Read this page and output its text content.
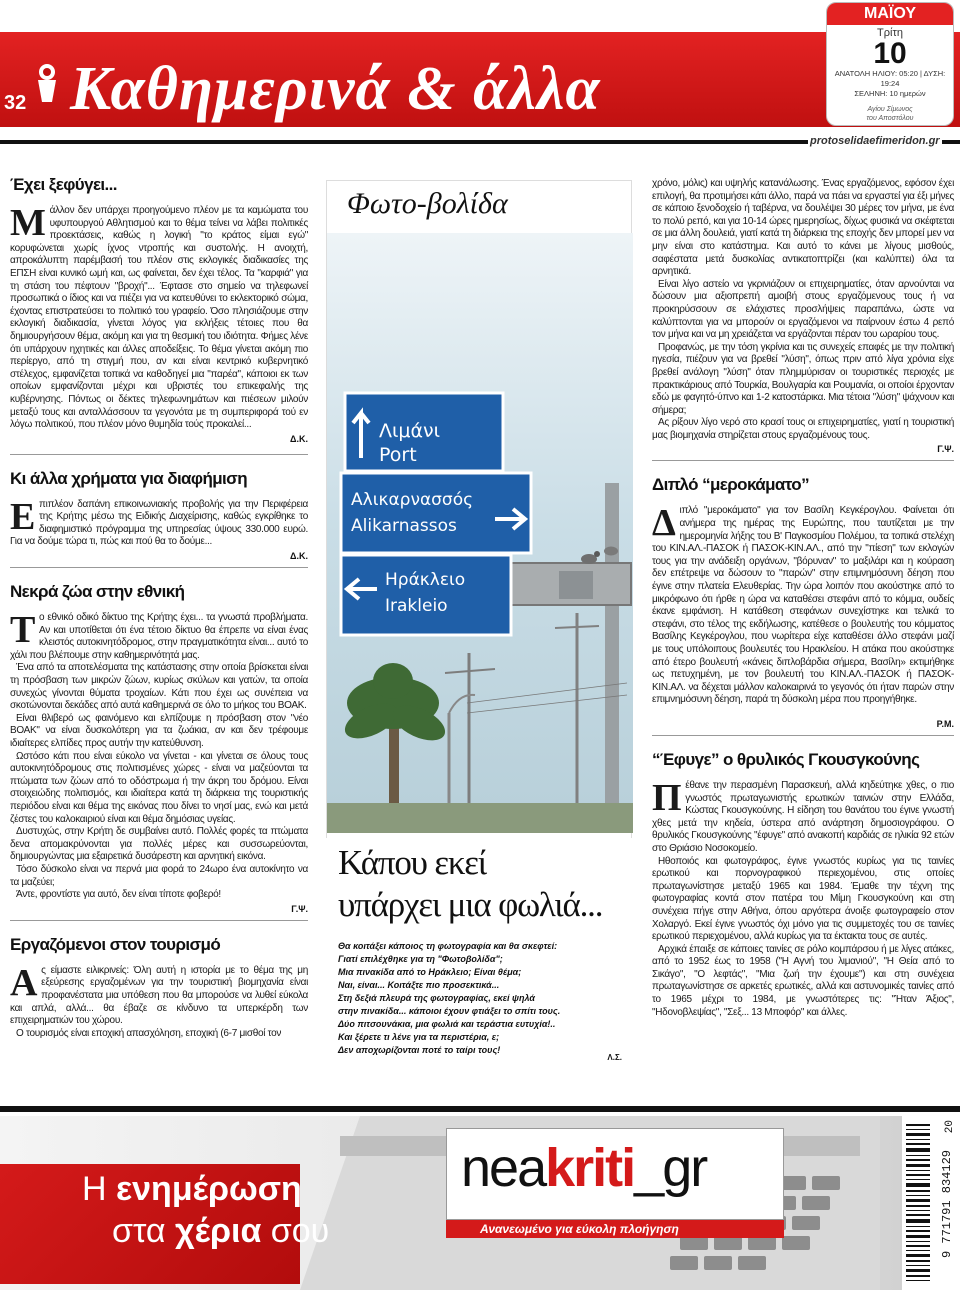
32 Καθημερινά & άλλα
ΜΑΪΟΥ
Τρίτη
10
ΑΝΑΤΟΛΗ ΗΛΙΟΥ: 05:20 | ΔΥΣΗ: 19:24
ΣΕΛΗΝΗ: 10 ημερών
Αγίου Σίμωνος
του Αποστόλου
protoselidaefimeridon.gr
Έχει ξεφύγει...
Μ άλλον δεν υπάρχει προηγούμενο πλέον με τα καμώματα του υφυπουργού Αθλητισμού και το θέμα τείνει να λάβει πολιτικές προεκτάσεις, καθώς η λογική "το κράτος είμαι εγώ" κορυφώνεται χωρίς ίχνος ντροπής και συστολής. Η ανοιχτή, απροκάλυπτη παρέμβασή του πλέον στις εκλογικές διαδικασίες της ΕΠΣΗ είναι κυνικό ωμή και, ως φαίνεται, δεν έχει τέλος. Τα "καρφιά" για τη στάση του πέφτουν "βροχή"... Έφτασε στο σημείο να τηλεφωνεί προσωπικά ο ίδιος και να πιέζει για να κατευθύνει το εκλεκτορικό σώμα, έχοντας επιστρατεύσει το πολιτικό του γραφείο. Όσο πλησιάζουμε στην εκλογική διαδικασία, γίνεται λόγος για εκλήξεις τέτοιες που θα δημιουργήσουν θέμα, ακόμη και για τη θεσμική του ιδιότητα. Φήμες λένε ότι υπάρχουν ηχητικές και άλλες αποδείξεις. Το θέμα γίνεται ακόμη πιο περίεργο, από τη στιγμή που, αν και είναι κεντρικό κυβερνητικό στέλεχος, εμφανίζεται τοπικά να καθοδηγεί μια "παρέα", κάποιοι εκ των οποίων εμφανίζονται μέχρι και υβριστές του επικεφαλής της κυβέρνησης. Πόντως οι δέκτες τηλεφωνημάτων και πιέσεων μιλούν μεταξύ τους και ανταλλάσσουν τα γεγονότα με τη συμπεριφορά τού εν λόγω πολιτικού, που πλέον μόνο θυμηδία τούς προκαλεί...
Δ.Κ.
Κι άλλα χρήματα για διαφήμιση
Ε πιπλέον δαπάνη επικοινωνιακής προβολής για την Περιφέρεια της Κρήτης μέσω της Ειδικής Διαχείρισης, καθώς εγκρίθηκε το διαφημιστικό πρόγραμμα της υπηρεσίας ύψους 330.000 ευρώ. Για να δούμε τώρα τι, πώς και πού θα το δούμε...
Δ.Κ.
Νεκρά ζώα στην εθνική
Τ ο εθνικό οδικό δίκτυο της Κρήτης έχει... τα γνωστά προβλήματα. Αν και υποτίθεται ότι ένα τέτοιο δίκτυο θα έπρεπε να είναι ένας κλειστός αυτοκινητόδρομος, στην πραγματικότητα είναι... αυτό το χάλι που βλέπουμε στην καθημερινότητά μας.

Ένα από τα αποτελέσματα της κατάστασης στην οποία βρίσκεται είναι τη πρόσβαση των μικρών ζώων, κυρίως σκύλων και γατών, τα οποία συνεχώς γίνονται θύματα τροχαίων. Κάτι που έχει ως συνέπεια να σκοτώνονται δεκάδες από αυτά καθημερινά σε όλο το μήκος του ΒΟΑΚ.

Είναι θλιβερό ως φαινόμενο και ελπίζουμε η πρόσβαση στον "νέο ΒΟΑΚ" να είναι δυσκολότερη για τα ζωάκια, αν και δεν τρέφουμε ιδιαίτερες ελπίδες προς αυτήν την κατεύθυνση.

Ωστόσο κάτι που είναι εύκολο να γίνεται - και γίνεται σε όλους τους αυτοκινητόδρομους στις πολιτισμένες χώρες - είναι να μαζεύονται τα πτώματα των ζώων από το οδόστρωμα ή την άκρη του δρόμου. Είναι στοιχειώδης πολιτισμός, και ιδιαίτερα κατά τη διάρκεια της τουριστικής περιόδου είναι και θέμα της εικόνας που δίνει το νησί μας, ενώ και μετά ζέστες του καλοκαιριού είναι και θέμα δημόσιας υγείας.

Δυστυχώς, στην Κρήτη δε συμβαίνει αυτό. Πολλές φορές τα πτώματα δενα απομακρύνονται για πολλές μέρες και συσσωρεύονται, δημιουργώντας μια εξαιρετικά δυσάρεστη και αρνητική εικόνα.

Τόσο δύσκολο είναι να περνά μια φορά το 24ωρο ένα αυτοκίνητο να τα μαζεύει;

Άντε, φροντίστε για αυτό, δεν είναι τίποτε φοβερό!

Γ.Ψ.
Εργαζόμενοι στον τουρισμό
Α ς είμαστε ειλικρινείς: Όλη αυτή η ιστορία με το θέμα της μη εξεύρεσης εργαζομένων για την τουριστική βιομηχανία είναι προφανέστατα μια υπόθεση που θα μπορούσε να λυθεί εύκολα και απλά, αλλά... θα έβαζε σε κίνδυνο τα υπερκέρδη των επιχειρηματιών του χώρου.

Ο τουρισμός είναι εποχική απασχόληση, εποχική (6-7 μισθοί τον

Φωτο-βολίδα
Λιμάνι
Port
Αλικαρνασσός
Alikarnassos
Ηράκλειο
Irakleio
Κάπου εκεί
υπάρχει μια φωλιά...
Θα κοιτάξει κάποιος τη φωτογραφία και θα σκεφτεί:
Γιατί επιλέχθηκε για τη "Φωτοβολίδα";
Μια πινακίδα από το Ηράκλειο; Είναι θέμα;
Ναι, είναι... Κοιτάξτε πιο προσεκτικά...
Στη δεξιά πλευρά της φωτογραφίας, εκεί ψηλά
στην πινακίδα... κάποιοι έχουν φτιάξει το σπίτι τους.
Δύο πιτσουνάκια, μια φωλιά και τεράστια ευτυχία!..
Και ξέρετε τι λένε για τα περιστέρια, ε;
Δεν αποχωρίζονται ποτέ το ταίρι τους!
Λ.Σ.

χρόνο, μόλις) και υψηλής κατανάλωσης. Ένας εργαζόμενος, εφόσον έχει επιλογή, θα προτιμήσει κάτι άλλο, παρά να πάει να εργαστεί για έξι μήνες σε κάποιο ξενοδοχείο ή ταβέρνα, να δουλέψει 30 μέρες τον μήνα, με ένα το πολύ ρεπό, και για 10-14 ώρες ημερησίως, δίχως φυσικά να σκέφτεται σε μια άλλη δουλειά, γιατί κατά τη διάρκεια της εποχής δεν μπορεί μεν να μην είναι στο κατάστημα. Και αυτό το κάνει με λίγους μισθούς, σαφέστατα μετά δυσκολίας αντικατοπτρίζει (και καλύπτει) όλα τα αρνητικά.

Είναι λίγο αστείο να γκρινιάζουν οι επιχειρηματίες, όταν αρνούνται να δώσουν μια αξιοπρεπή αμοιβή στους εργαζόμενους τους ή να προκηρύσσουν σε ελάχιστες προσλήψεις παραπάνω, ώστε να καλύπτονται για να μπορούν οι εργαζόμενοι να παίρνουν έστω 4 ρεπό τον μήνα και να μη χρειάζεται να εργάζονται πέραν του ωραρίου τους.

Προφανώς, με την τόση γκρίνια και τις συνεχείς επαφές με την πολιτική ηγεσία, πιέζουν για να βρεθεί "λύση", όπως πριν από λίγα χρόνια είχε βρεθεί ανάλογη "λύση" όταν πλημμύρισαν οι τουριστικές περιοχές με πρακτικάριους από Τουρκία, Βουλγαρία και Ρουμανία, οι οποίοι έρχονταν εδώ με φαγητό-ύπνο και 1-2 κατοστάρικα. Μια τέτοια "λύση" ψάχνουν και σήμερα;

Ας ρίξουν λίγο νερό στο κρασί τους οι επιχειρηματίες, γιατί η τουριστική μας βιομηχανία στηρίζεται στους εργαζομένους τους.

Γ.Ψ.
Διπλό “μεροκάματο”
Δ ιπλό "μεροκάματο" για τον Βασίλη Κεγκέρογλου. Φαίνεται ότι ανήμερα της ημέρας της Ευρώπης, που ταυτίζεται με την ημερομηνία λήξης του Β' Παγκοσμίου Πολέμου, τα τοπικά στελέχη του ΚΙΝ.ΑΛ.-ΠΑΣΟΚ ή ΠΑΣΟΚ-ΚΙΝ.ΑΛ., από την "πίεση" των εκλογών τους για την ανάδειξη οργάνων, "βόρυναν" το μαξιλάρι και η κούραση δεν επέτρεψε να δώσουν το "παρών" στην επιμνημόσυνη δέηση που έγινε στην πλατεία Ελευθερίας. Την ώρα λοιπόν που ακούστηκε από το μικρόφωνο ότι ήρθε η ώρα να καταθέσει στεφάνι από το κόμμα, ουδείς έκανε εμφάνιση. Η κατάθεση στεφάνων συνεχίστηκε και τελικά το στεφάνι, στο τέλος της εκδήλωσης, κατέθεσε ο βουλευτής του κόμματος Βασίλης Κεγκέρογλου, που νωρίτερα είχε καταθέσει άλλο στεφάνι μαζί με τους υπόλοιπους βουλευτές του Ηρακλείου. Η ατάκα που ακούστηκε από έτερο βουλευτή «κάνεις διπλοβάρδια σήμερα, Βασίλη» εκτιμήθηκε ως πετυχημένη, με τον βουλευτή του ΚΙΝ.ΑΛ.-ΠΑΣΟΚ ή ΠΑΣΟΚ-ΚΙΝ.ΑΛ. να δέχεται μάλλον καλοκαιρινά το γεγονός ότι ήταν παρών στην επιμνημόσυνη δέηση, παρά τη δύσκολη μέρα που προηγήθηκε.
Ρ.Μ.
“Έφυγε” ο θρυλικός Γκουσγκούνης
Π έθανε την περασμένη Παρασκευή, αλλά κηδεύτηκε χθες, ο πιο γνωστός πρωταγωνιστής ερωτικών ταινιών στην Ελλάδα, Κώστας Γκουσγκούνης. Η είδηση του θανάτου του έγινε γνωστή χθες μετά την κηδεία, ύστερα από ανάρτηση δημοσιογράφου. Ο θρυλικός Γκουσγκούνης "έφυγε" από ανακοπή καρδιάς σε ηλικία 92 ετών στο Θριάσιο Νοσοκομείο.

Ηθοποιός και φωτογράφος, έγινε γνωστός κυρίως για τις ταινίες ερωτικού και πορνογραφικού περιεχομένου, στις οποίες πρωταγωνίστησε μεταξύ 1965 και 1984. Έμαθε την τέχνη της φωτογραφίας κοντά στον πατέρα του Μίμη Γκουσγκούνη και στη συνέχεια πήγε στην Αθήνα, όπου αργότερα άνοιξε φωτογραφείο στον Χολαργό. Εκεί έγινε γνωστός όχι μόνο για τις συμμετοχές του σε ταινίες ερωτικού περιεχομένου, αλλά κυρίως για τα έκτακτα τους σε αυτές.

Αρχικά έπαιξε σε κάποιες ταινίες σε ρόλο κομπάρσου ή με λίγες ατάκες, από το 1952 έως το 1958 ("Η Αγνή του λιμανιού", "Η Θεία από το Σικάγο", "Ο λεφτάς", "Μια ζωή την έχουμε") και στη συνέχεια πρωταγωνίστησε σε αρκετές ερωτικές, αλλά και αστυνομικές ταινίες από το 1965 μέχρι το 1984, με γνωστότερες τις: "Ήταν Άξιος", "Ηδονοβλεψίας", "Σεξ... 13 Μποφόρ" και άλλες.

Η ενημέρωση
στα χέρια σου
neakriti_gr
Ανανεωμένο για εύκολη πλοήγηση	9 771791 834129
20
